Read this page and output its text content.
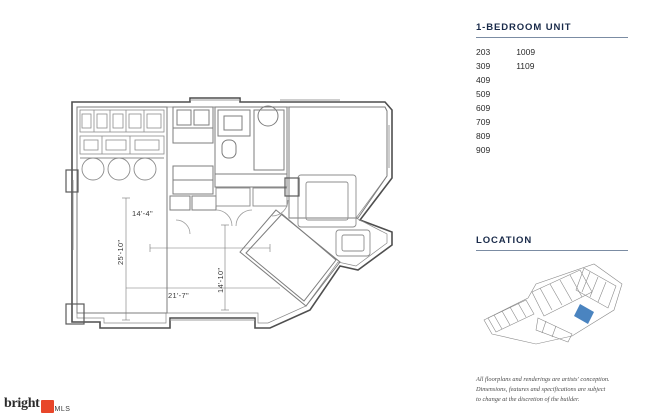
14'-4"
25'-10"
14'-10"
21'-7"
1-BEDROOM UNIT
203
309
409
509
609
709
809
909
1009
1109
LOCATION
All floorplans and renderings are artists' conception.
Dimensions, features and specifications are subject
to change at the discretion of the builder.
bright MLS
